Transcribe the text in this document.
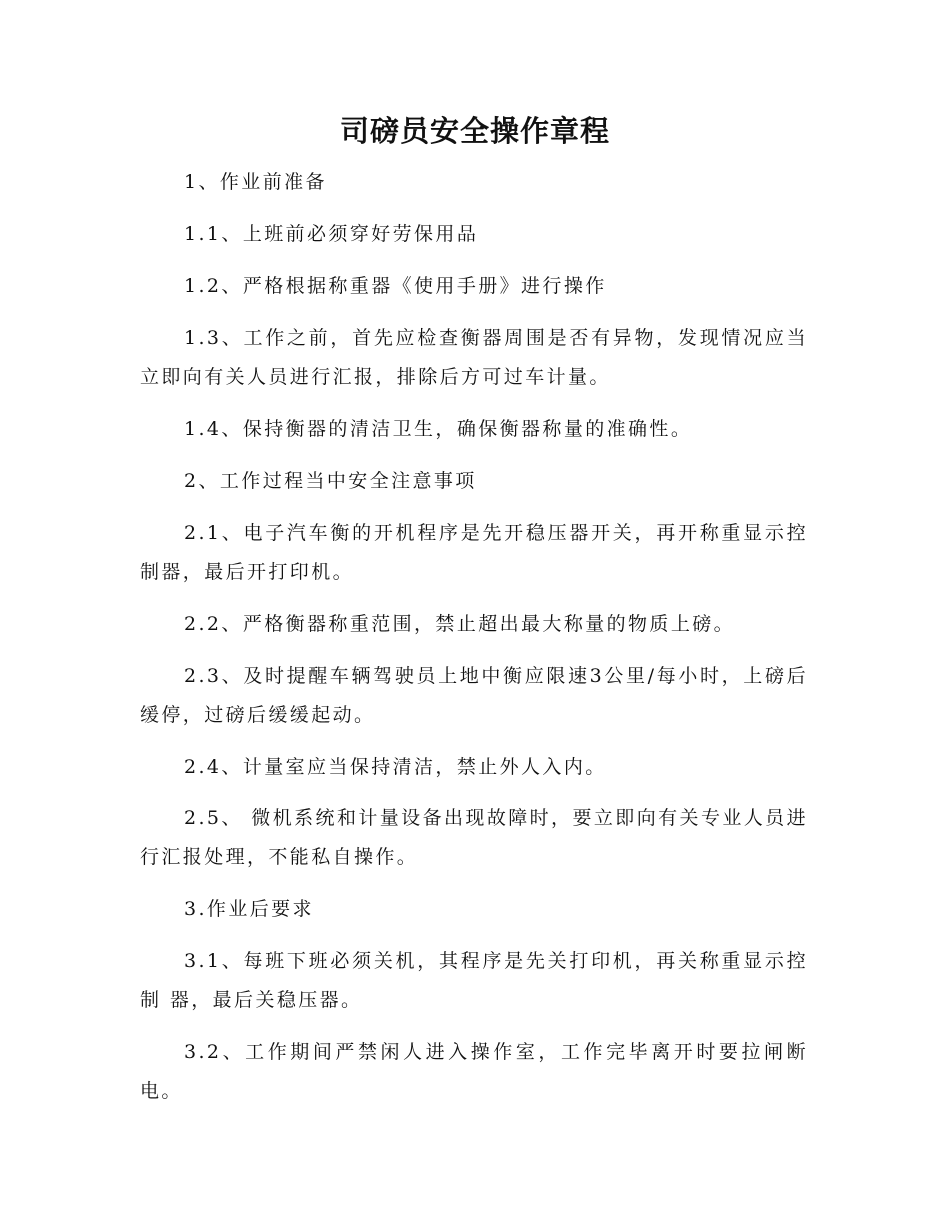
司磅员安全操作章程

1、作业前准备

1.1、上班前必须穿好劳保用品

1.2、严格根据称重器《使用手册》进行操作

1.3、工作之前，首先应检查衡器周围是否有异物，发现情况应当立即向有关人员进行汇报，排除后方可过车计量。

1.4、保持衡器的清洁卫生，确保衡器称量的准确性。

2、工作过程当中安全注意事项

2.1、电子汽车衡的开机程序是先开稳压器开关，再开称重显示控制器，最后开打印机。

2.2、严格衡器称重范围，禁止超出最大称量的物质上磅。

2.3、及时提醒车辆驾驶员上地中衡应限速3公里/每小时，上磅后缓停，过磅后缓缓起动。

2.4、计量室应当保持清洁，禁止外人入内。

2.5、 微机系统和计量设备出现故障时，要立即向有关专业人员进行汇报处理，不能私自操作。

3.作业后要求

3.1、每班下班必须关机，其程序是先关打印机，再关称重显示控制 器，最后关稳压器。

3.2、工作期间严禁闲人进入操作室，工作完毕离开时要拉闸断电。
